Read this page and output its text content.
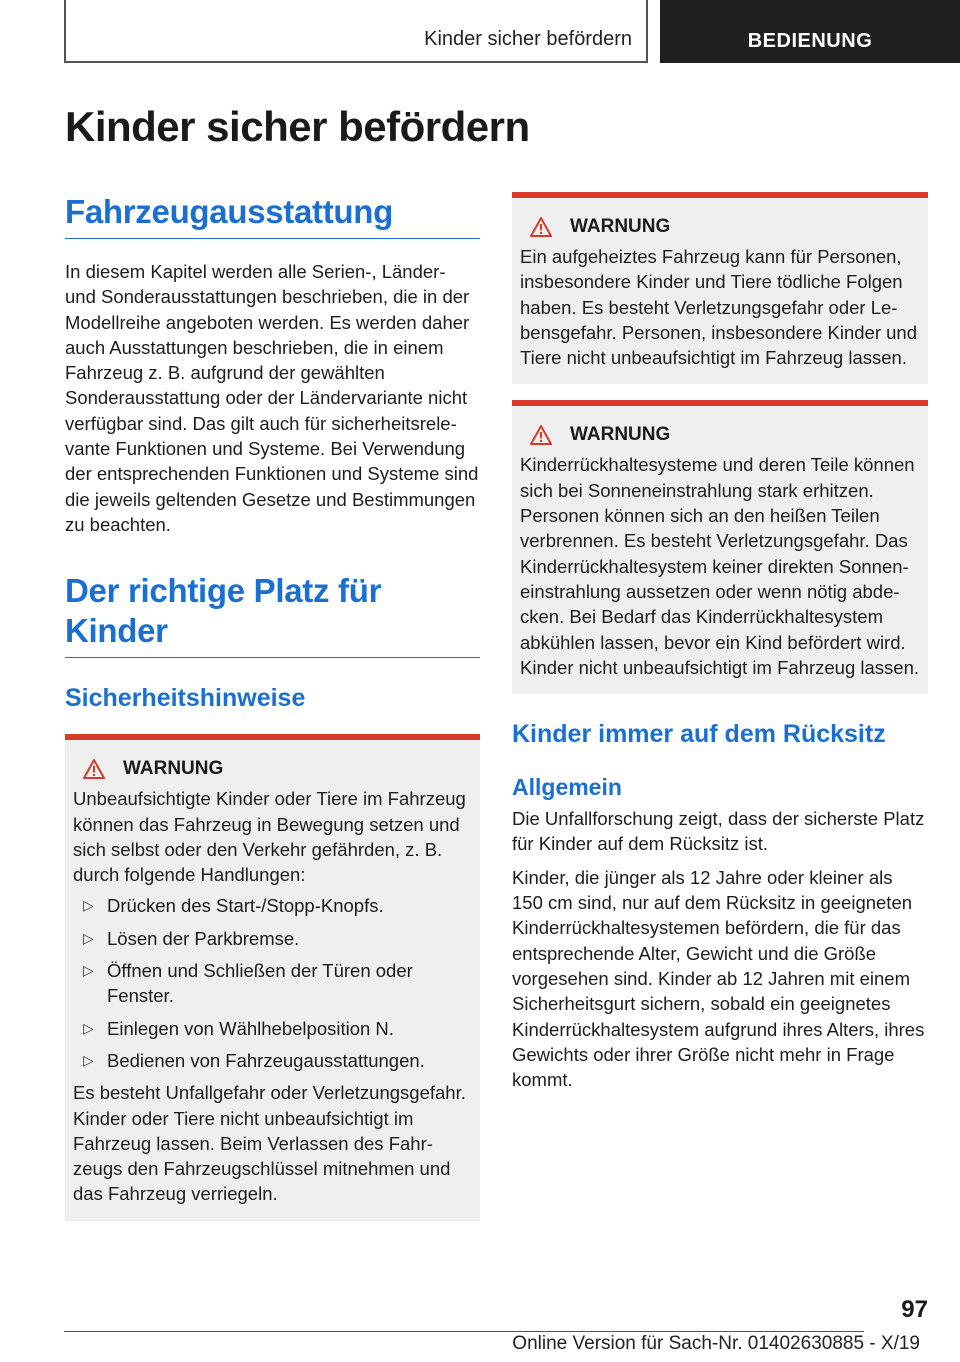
Kinder sicher befördern	BEDIENUNG
Kinder sicher befördern
Fahrzeugausstattung

In diesem Kapitel werden alle Serien-, Länder- und Sonderausstattungen beschrieben, die in der Modellreihe angeboten werden. Es werden daher auch Ausstattungen beschrieben, die in einem Fahrzeug z. B. aufgrund der gewählten Sonderausstattung oder der Ländervariante nicht verfügbar sind. Das gilt auch für sicherheitsrelevante Funktionen und Systeme. Bei Verwendung der entsprechenden Funktionen und Systeme sind die jeweils geltenden Gesetze und Bestimmungen zu beachten.

Der richtige Platz für Kinder
Sicherheitshinweise
WARNUNG

Unbeaufsichtigte Kinder oder Tiere im Fahrzeug können das Fahrzeug in Bewegung setzen und sich selbst oder den Verkehr gefährden, z. B. durch folgende Handlungen:

▷ Drücken des Start-/Stopp-Knopfs.
▷ Lösen der Parkbremse.
▷ Öffnen und Schließen der Türen oder Fenster.
▷ Einlegen von Wählhebelposition N.
▷ Bedienen von Fahrzeugausstattungen.

Es besteht Unfallgefahr oder Verletzungsgefahr. Kinder oder Tiere nicht unbeaufsichtigt im Fahrzeug lassen. Beim Verlassen des Fahrzeugs den Fahrzeugschlüssel mitnehmen und das Fahrzeug verriegeln.

WARNUNG

Ein aufgeheiztes Fahrzeug kann für Personen, insbesondere Kinder und Tiere tödliche Folgen haben. Es besteht Verletzungsgefahr oder Lebensgefahr. Personen, insbesondere Kinder und Tiere nicht unbeaufsichtigt im Fahrzeug lassen.

WARNUNG

Kinderrückhaltesysteme und deren Teile können sich bei Sonneneinstrahlung stark erhitzen. Personen können sich an den heißen Teilen verbrennen. Es besteht Verletzungsgefahr. Das Kinderrückhaltesystem keiner direkten Sonneneinstrahlung aussetzen oder wenn nötig abdecken. Bei Bedarf das Kinderrückhaltesystem abkühlen lassen, bevor ein Kind befördert wird. Kinder nicht unbeaufsichtigt im Fahrzeug lassen.

Kinder immer auf dem Rücksitz
Allgemein

Die Unfallforschung zeigt, dass der sicherste Platz für Kinder auf dem Rücksitz ist.

Kinder, die jünger als 12 Jahre oder kleiner als 150 cm sind, nur auf dem Rücksitz in geeigneten Kinderrückhaltesystemen befördern, die für das entsprechende Alter, Gewicht und die Größe vorgesehen sind. Kinder ab 12 Jahren mit einem Sicherheitsgurt sichern, sobald ein geeignetes Kinderrückhaltesystem aufgrund ihres Alters, ihres Gewichts oder ihrer Größe nicht mehr in Frage kommt.

97
Online Version für Sach-Nr. 01402630885 - X/19
